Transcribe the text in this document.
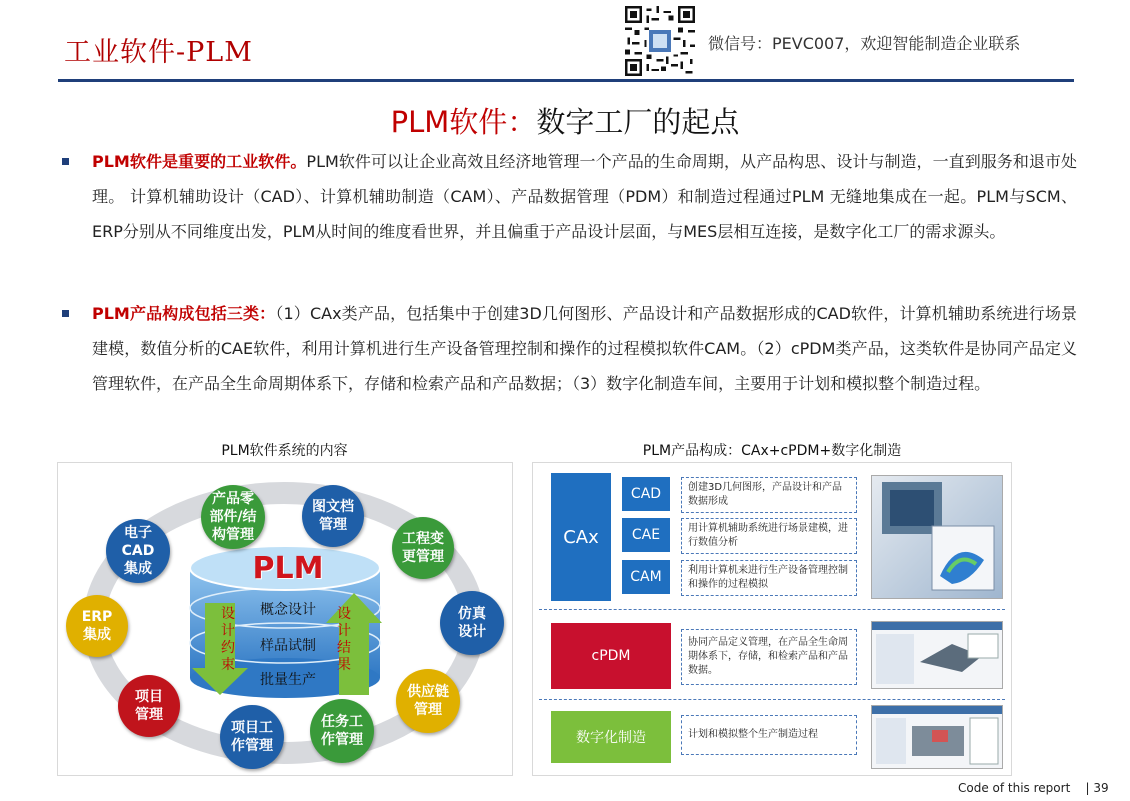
工业软件-PLM	微信号：PEVC007，欢迎智能制造企业联系
PLM软件：数字工厂的起点
PLM软件是重要的工业软件。PLM软件可以让企业高效且经济地管理一个产品的生命周期，从产品构思、设计与制造，一直到服务和退市处理。 计算机辅助设计（CAD）、计算机辅助制造（CAM）、产品数据管理（PDM）和制造过程通过PLM 无缝地集成在一起。PLM与SCM、ERP分别从不同维度出发，PLM从时间的维度看世界，并且偏重于产品设计层面，与MES层相互连接，是数字化工厂的需求源头。
PLM产品构成包括三类：（1）CAx类产品，包括集中于创建3D几何图形、产品设计和产品数据形成的CAD软件，计算机辅助系统进行场景建模，数值分析的CAE软件，利用计算机进行生产设备管理控制和操作的过程模拟软件CAM。（2）cPDM类产品，这类软件是协同产品定义管理软件，在产品全生命周期体系下，存储和检索产品和产品数据；（3）数字化制造车间，主要用于计划和模拟整个制造过程。
PLM软件系统的内容
PLM
概念设计
样品试制
批量生产
设
计
约
束
设
计
结
果
产品零
部件/结
构管理
图文档
管理
工程变
更管理
仿真
设计
供应链
管理
任务工
作管理
项目工
作管理
项目
管理
ERP
集成
电子
CAD
集成
PLM产品构成：CAx+cPDM+数字化制造
CAx
CAD	创建3D几何图形，产品设计和产品数据形成
CAE	用计算机辅助系统进行场景建模，进行数值分析
CAM	利用计算机来进行生产设备管理控制和操作的过程模拟
cPDM
协同产品定义管理，在产品全生命周期体系下，存储，和检索产品和产品数据。
数字化制造	计划和模拟整个生产制造过程
Code of this report | 39
